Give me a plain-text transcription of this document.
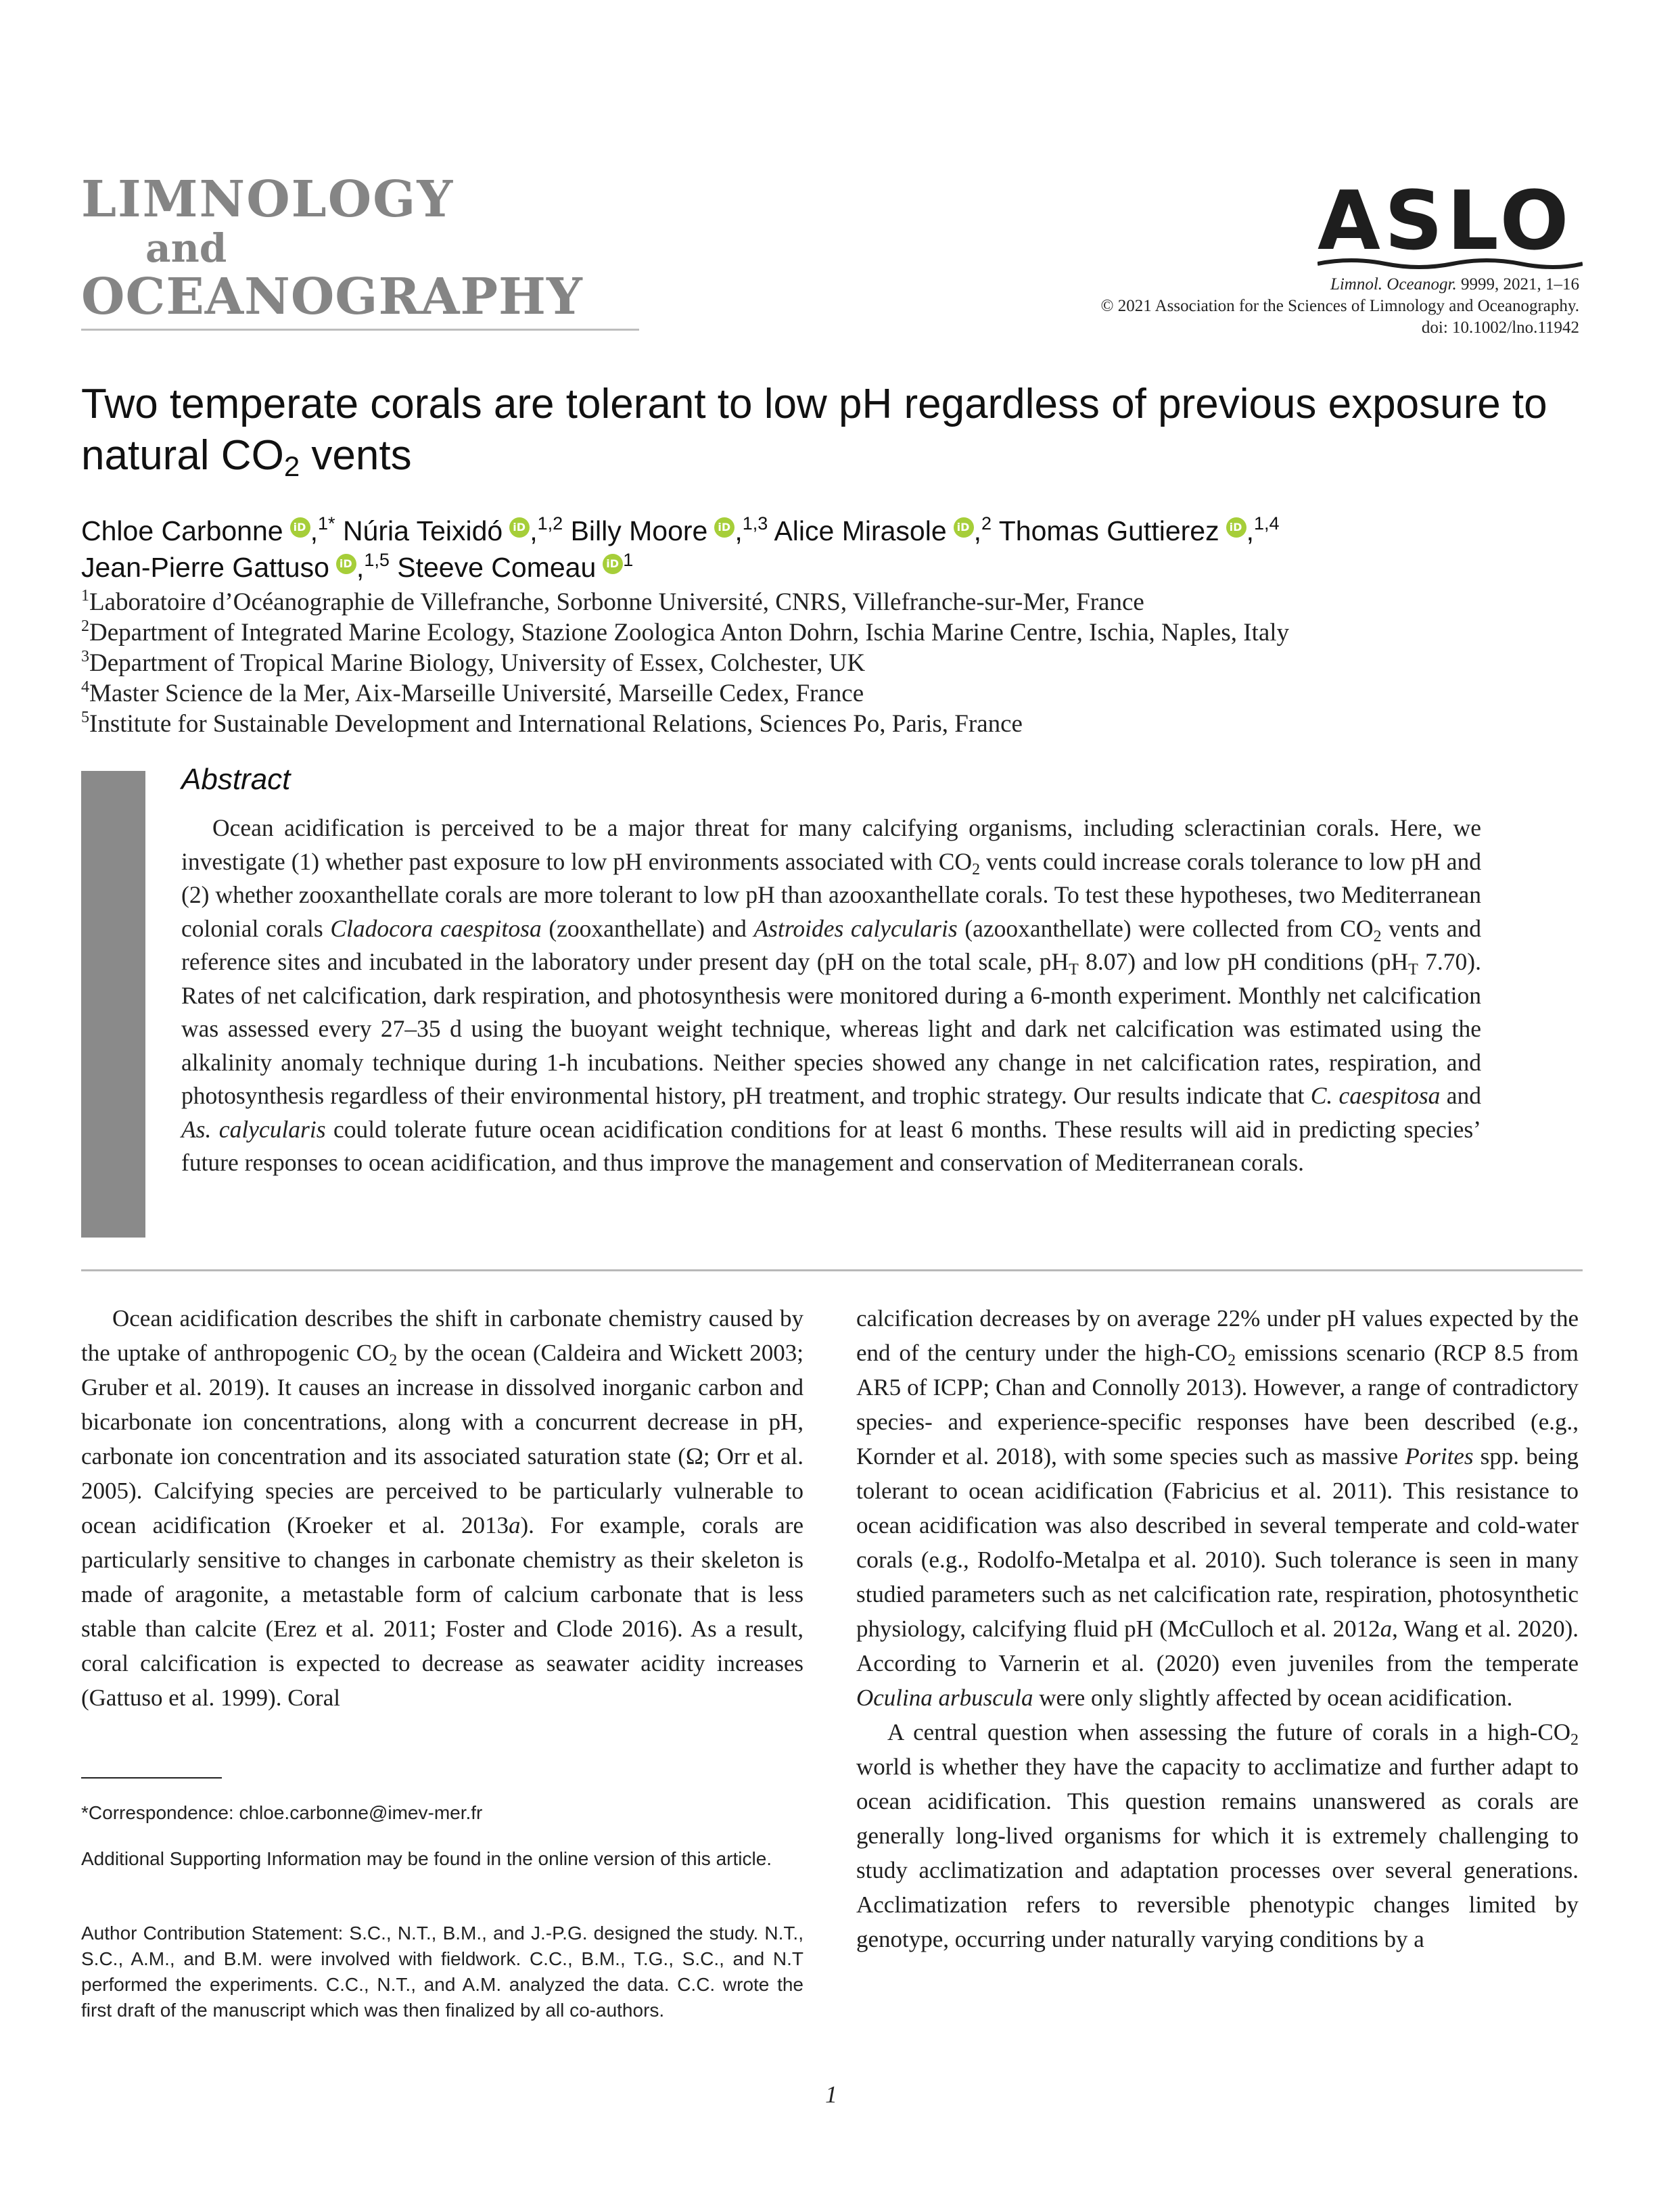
LIMNOLOGY
and
OCEANOGRAPHY
ASLO
Limnol. Oceanogr. 9999, 2021, 1–16
© 2021 Association for the Sciences of Limnology and Oceanography.
doi: 10.1002/lno.11942
Two temperate corals are tolerant to low pH regardless of previous exposure to natural $CO_2$ vents
Chloe Carbonne iD ,$^{1*}$ Núria Teixidó iD ,$^{1,2}$ Billy Moore iD ,$^{1,3}$ Alice Mirasole iD ,$^2$ Thomas GuttiereziD ,$^{1,4}$
Jean-Pierre Gattuso iD ,$^{1,5}$ Steeve Comeau iD $^1$
$^1$Laboratoire d’Océanographie de Villefranche, Sorbonne Université, CNRS, Villefranche-sur-Mer, France
$^2$Department of Integrated Marine Ecology, Stazione Zoologica Anton Dohrn, Ischia Marine Centre, Ischia, Naples, Italy
$^3$Department of Tropical Marine Biology, University of Essex, Colchester, UK
$^4$Master Science de la Mer, Aix-Marseille Université, Marseille Cedex, France
$^5$Institute for Sustainable Development and International Relations, Sciences Po, Paris, France
Abstract
Ocean acidification is perceived to be a major threat for many calcifying organisms, including scleractinian corals. Here, we investigate (1) whether past exposure to low pH environments associated with $CO_2$ vents could increase corals tolerance to low pH and (2) whether zooxanthellate corals are more tolerant to low pH than azooxanthellate corals. To test these hypotheses, two Mediterranean colonial corals Cladocora caespitosa (zooxanthellate) and Astroides calycularis (azooxanthellate) were collected from $CO_2$ vents and reference sites and incubated in the laboratory under present day (pH on the total scale, $pH_T$ 8.07) and low pH conditions ($pH_T$ 7.70). Rates of net calcification, dark respiration, and photosynthesis were monitored during a 6-month experiment. Monthly net calcification was assessed every 27–35 d using the buoyant weight technique, whereas light and dark net calcification was estimated using the alkalinity anomaly technique during 1-h incubations. Neither species showed any change in net calcification rates, respiration, and photosynthesis regardless of their environmental history, pH treatment, and trophic strategy. Our results indicate that C. caespitosa and As. calycularis could tolerate future ocean acidification conditions for at least 6 months. These results will aid in predicting species’ future responses to ocean acidification, and thus improve the management and conservation of Mediterranean corals.

Ocean acidification describes the shift in carbonate chemistry caused by the uptake of anthropogenic $CO_2$ by the ocean (Caldeira and Wickett 2003; Gruber et al. 2019). It causes an increase in dissolved inorganic carbon and bicarbonate ion concentrations, along with a concurrent decrease in pH, carbonate ion concentration and its associated saturation state (Ω; Orr et al. 2005). Calcifying species are perceived to be particularly vulnerable to ocean acidification (Kroeker et al. 2013a). For example, corals are particularly sensitive to changes in carbonate chemistry as their skeleton is made of aragonite, a metastable form of calcium carbonate that is less stable than calcite (Erez et al. 2011; Foster and Clode 2016). As a result, coral calcification is expected to decrease as seawater acidity increases (Gattuso et al. 1999). Coral

calcification decreases by on average 22% under pH values expected by the end of the century under the high-$CO_2$ emissions scenario (RCP 8.5 from AR5 of ICPP; Chan and Connolly 2013). However, a range of contradictory species- and experience-specific responses have been described (e.g., Kornder et al. 2018), with some species such as massive Porites spp. being tolerant to ocean acidification (Fabricius et al. 2011). This resistance to ocean acidification was also described in several temperate and cold-water corals (e.g., Rodolfo-Metalpa et al. 2010). Such tolerance is seen in many studied parameters such as net calcification rate, respiration, photosynthetic physiology, calcifying fluid pH (McCulloch et al. 2012a, Wang et al. 2020). According to Varnerin et al. (2020) even juveniles from the temperate Oculina arbuscula were only slightly affected by ocean acidification.

A central question when assessing the future of corals in a high-$CO_2$ world is whether they have the capacity to acclimatize and further adapt to ocean acidification. This question remains unanswered as corals are generally long-lived organisms for which it is extremely challenging to study acclimatization and adaptation processes over several generations. Acclimatization refers to reversible phenotypic changes limited by genotype, occurring under naturally varying conditions by a

*Correspondence: chloe.carbonne@imev-mer.fr
Additional Supporting Information may be found in the online version of this article.
Author Contribution Statement: S.C., N.T., B.M., and J.-P.G. designed the study. N.T., S.C., A.M., and B.M. were involved with fieldwork. C.C., B.M., T.G., S.C., and N.T performed the experiments. C.C., N.T., and A.M. analyzed the data. C.C. wrote the first draft of the manuscript which was then finalized by all co-authors.
1
